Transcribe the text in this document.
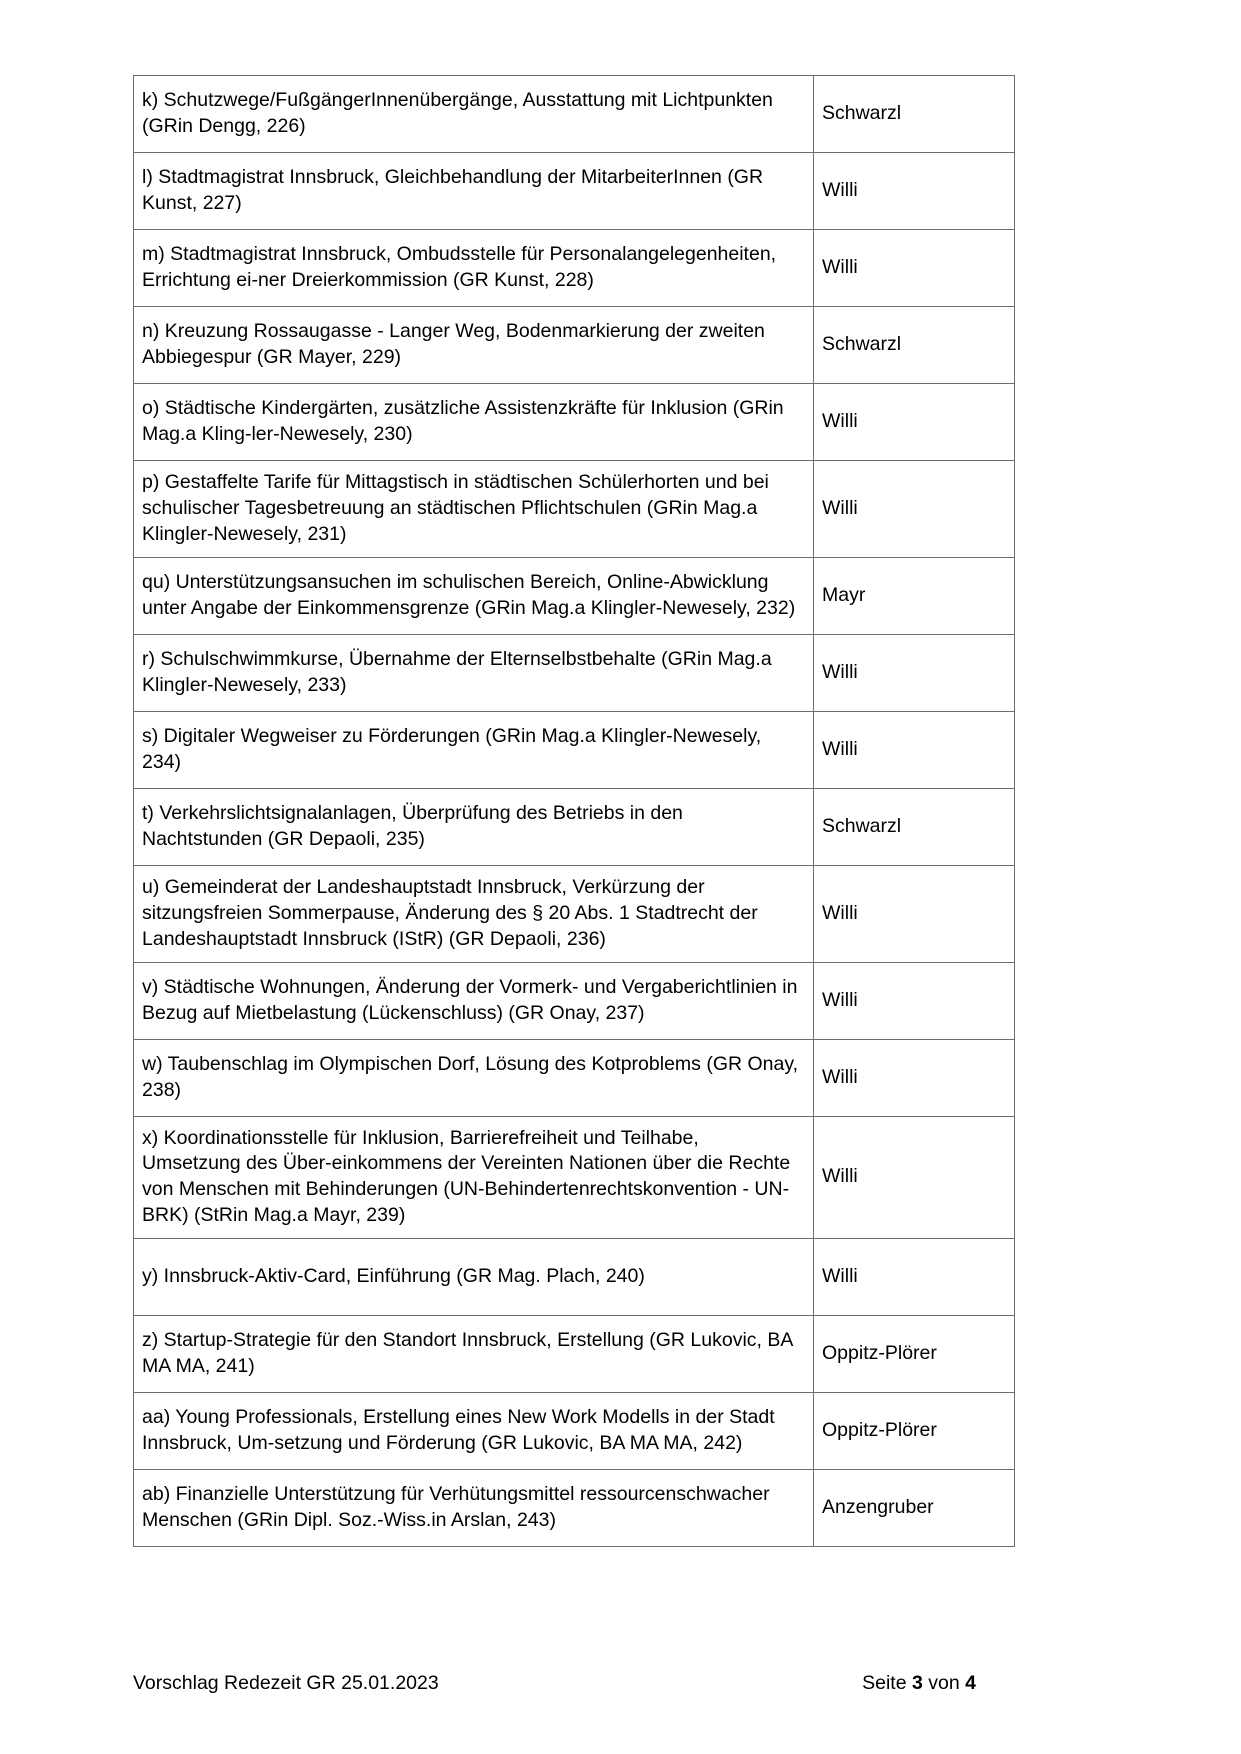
k) Schutzwege/FußgängerInnenübergänge, Ausstattung mit Lichtpunkten (GRin Dengg, 226)	Schwarzl
l) Stadtmagistrat Innsbruck, Gleichbehandlung der MitarbeiterInnen (GR Kunst, 227)	Willi
m) Stadtmagistrat Innsbruck, Ombudsstelle für Personalangelegenheiten, Errichtung ei-ner Dreierkommission (GR Kunst, 228)	Willi
n) Kreuzung Rossaugasse - Langer Weg, Bodenmarkierung der zweiten Abbiegespur (GR Mayer, 229)	Schwarzl
o) Städtische Kindergärten, zusätzliche Assistenzkräfte für Inklusion (GRin Mag.a Kling-ler-Newesely, 230)	Willi
p) Gestaffelte Tarife für Mittagstisch in städtischen Schülerhorten und bei schulischer Tagesbetreuung an städtischen Pflichtschulen (GRin Mag.a Klingler-Newesely, 231)	Willi
qu) Unterstützungsansuchen im schulischen Bereich, Online-Abwicklung unter Angabe der Einkommensgrenze (GRin Mag.a Klingler-Newesely, 232)	Mayr
r) Schulschwimmkurse, Übernahme der Elternselbstbehalte (GRin Mag.a Klingler-Newesely, 233)	Willi
s) Digitaler Wegweiser zu Förderungen (GRin Mag.a Klingler-Newesely, 234)	Willi
t) Verkehrslichtsignalanlagen, Überprüfung des Betriebs in den Nachtstunden (GR Depaoli, 235)	Schwarzl
u) Gemeinderat der Landeshauptstadt Innsbruck, Verkürzung der sitzungsfreien Sommerpause, Änderung des § 20 Abs. 1 Stadtrecht der Landeshauptstadt Innsbruck (IStR) (GR Depaoli, 236)	Willi
v) Städtische Wohnungen, Änderung der Vormerk- und Vergaberichtlinien in Bezug auf Mietbelastung (Lückenschluss) (GR Onay, 237)	Willi
w) Taubenschlag im Olympischen Dorf, Lösung des Kotproblems (GR Onay, 238)	Willi
x) Koordinationsstelle für Inklusion, Barrierefreiheit und Teilhabe, Umsetzung des Über-einkommens der Vereinten Nationen über die Rechte von Menschen mit Behinderungen (UN-Behindertenrechtskonvention - UN-BRK) (StRin Mag.a Mayr, 239)	Willi
y) Innsbruck-Aktiv-Card, Einführung (GR Mag. Plach, 240)	Willi
z) Startup-Strategie für den Standort Innsbruck, Erstellung (GR Lukovic, BA MA MA, 241)	Oppitz-Plörer
aa) Young Professionals, Erstellung eines New Work Modells in der Stadt Innsbruck, Um-setzung und Förderung (GR Lukovic, BA MA MA, 242)	Oppitz-Plörer
ab) Finanzielle Unterstützung für Verhütungsmittel ressourcenschwacher Menschen (GRin Dipl. Soz.-Wiss.in Arslan, 243)	Anzengruber
Vorschlag Redezeit GR 25.01.2023	Seite 3 von 4
